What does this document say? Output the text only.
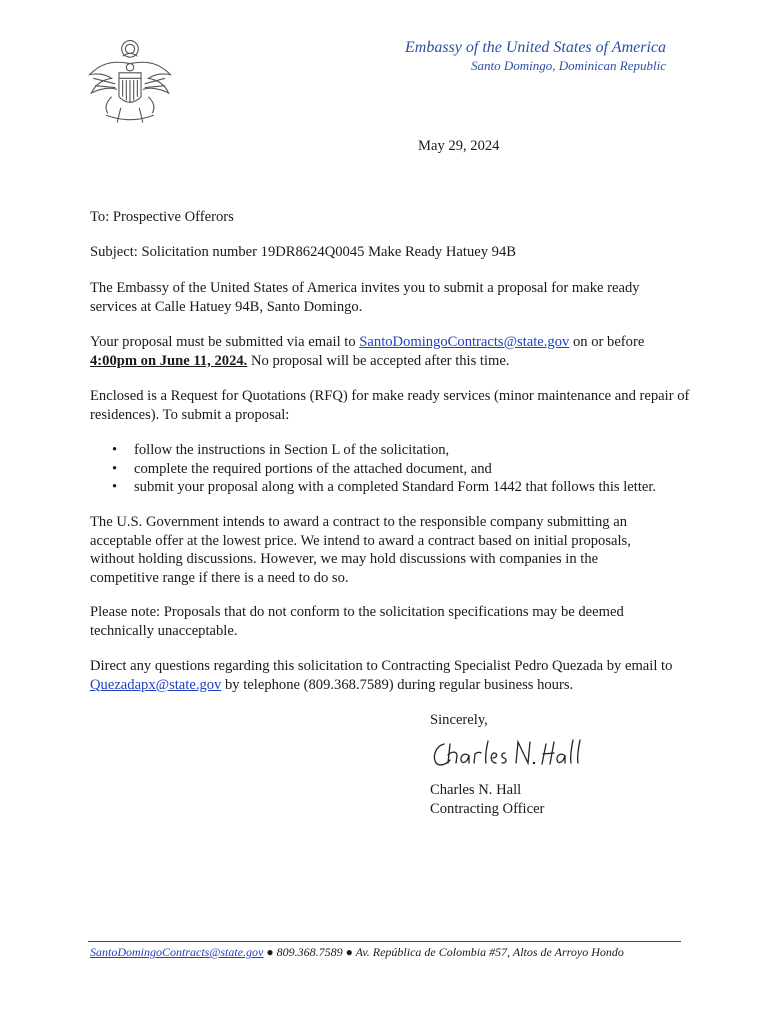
Embassy of the United States of America
Santo Domingo, Dominican Republic
May 29, 2024
To: Prospective Offerors
Subject: Solicitation number 19DR8624Q0045 Make Ready Hatuey 94B
The Embassy of the United States of America invites you to submit a proposal for make ready services at Calle Hatuey 94B, Santo Domingo.
Your proposal must be submitted via email to SantoDomingoContracts@state.gov on or before 4:00pm on June 11, 2024. No proposal will be accepted after this time.
Enclosed is a Request for Quotations (RFQ) for make ready services (minor maintenance and repair of residences). To submit a proposal:
• follow the instructions in Section L of the solicitation,
• complete the required portions of the attached document, and
• submit your proposal along with a completed Standard Form 1442 that follows this letter.
The U.S. Government intends to award a contract to the responsible company submitting an acceptable offer at the lowest price. We intend to award a contract based on initial proposals, without holding discussions. However, we may hold discussions with companies in the competitive range if there is a need to do so.
Please note: Proposals that do not conform to the solicitation specifications may be deemed technically unacceptable.
Direct any questions regarding this solicitation to Contracting Specialist Pedro Quezada by email to Quezadapx@state.gov by telephone (809.368.7589) during regular business hours.
Sincerely,
Charles N. Hall
Contracting Officer
SantoDomingoContracts@state.gov ● 809.368.7589 ● Av. República de Colombia #57, Altos de Arroyo Hondo
